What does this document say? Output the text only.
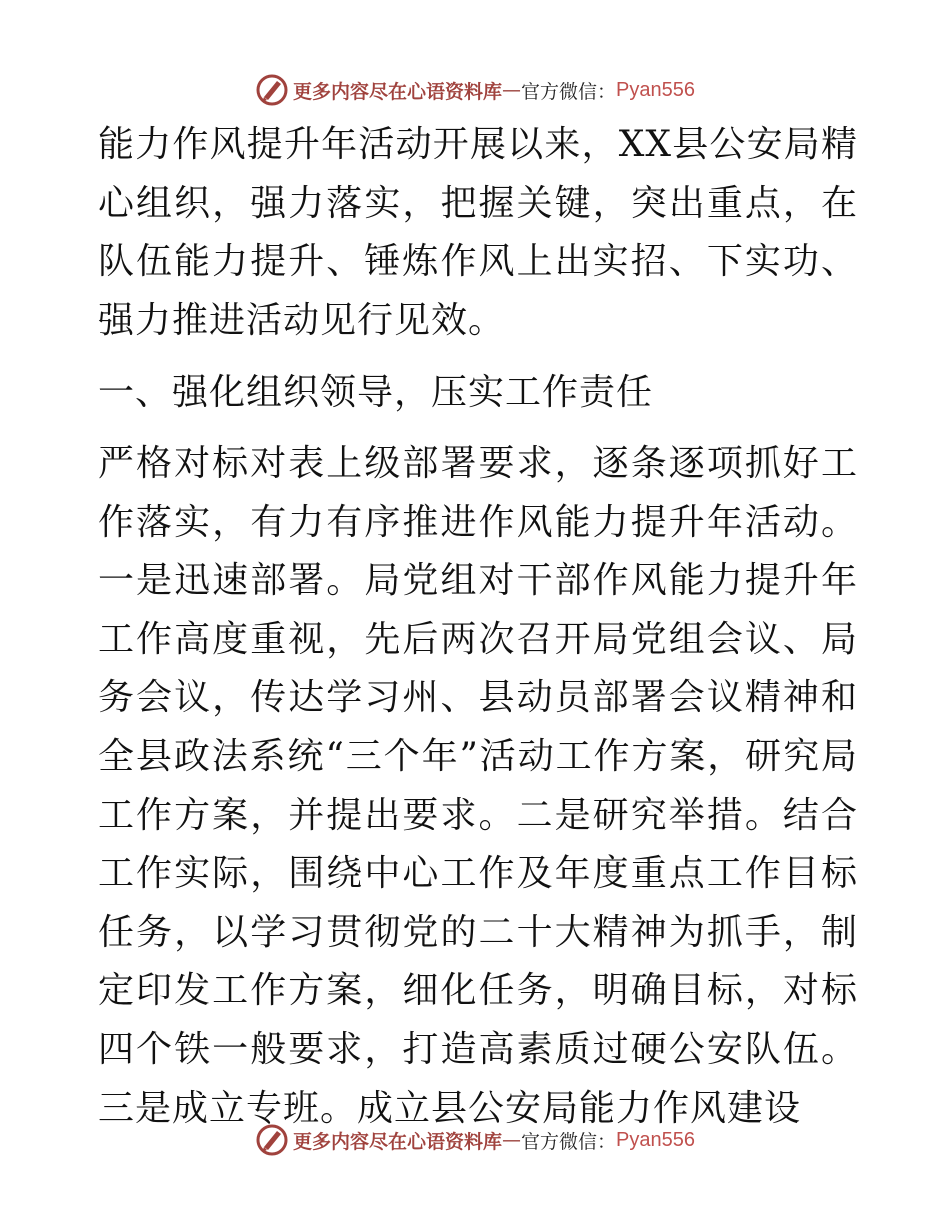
更多内容尽在心语资料库 — 官方微信： Pyan556

能力作风提升年活动开展以来，XX县公安局精心组织，强力落实，把握关键，突出重点，在队伍能力提升、锤炼作风上出实招、下实功、强力推进活动见行见效。

一、强化组织领导，压实工作责任

严格对标对表上级部署要求，逐条逐项抓好工作落实，有力有序推进作风能力提升年活动。一是迅速部署。局党组对干部作风能力提升年工作高度重视，先后两次召开局党组会议、局务会议，传达学习州、县动员部署会议精神和全县政法系统“三个年”活动工作方案，研究局工作方案，并提出要求。二是研究举措。结合工作实际，围绕中心工作及年度重点工作目标任务，以学习贯彻党的二十大精神为抓手，制定印发工作方案，细化任务，明确目标，对标四个铁一般要求，打造高素质过硬公安队伍。三是成立专班。成立县公安局能力作风建设

更多内容尽在心语资料库 — 官方微信： Pyan556
